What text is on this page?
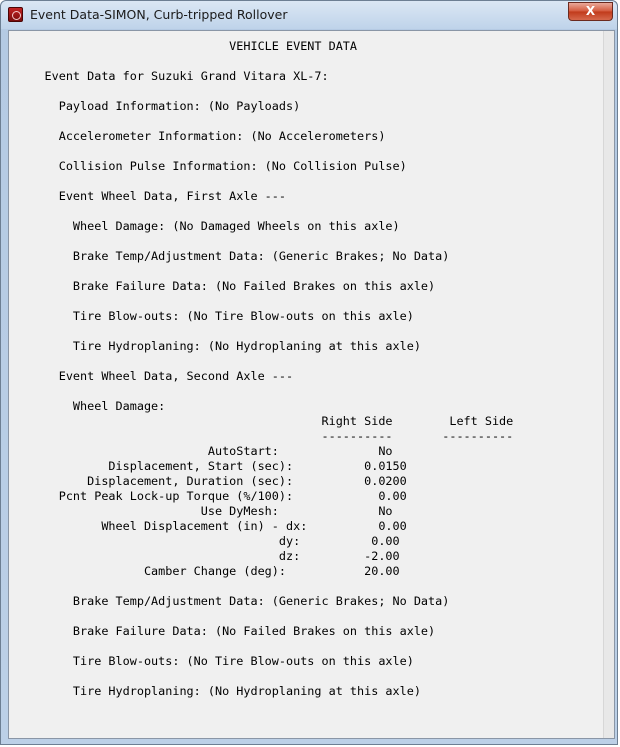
Event Data-SIMON, Curb-tripped Rollover	X
VEHICLE EVENT DATA

Event Data for Suzuki Grand Vitara XL-7:

Payload Information: (No Payloads)

Accelerometer Information: (No Accelerometers)

Collision Pulse Information: (No Collision Pulse)

Event Wheel Data, First Axle ---

Wheel Damage: (No Damaged Wheels on this axle)

Brake Temp/Adjustment Data: (Generic Brakes; No Data)

Brake Failure Data: (No Failed Brakes on this axle)

Tire Blow-outs: (No Tire Blow-outs on this axle)

Tire Hydroplaning: (No Hydroplaning at this axle)

Event Wheel Data, Second Axle ---

Wheel Damage:
Right Side        Left Side
----------       ----------
AutoStart:              No
Displacement, Start (sec):          0.0150
Displacement, Duration (sec):          0.0200
Pcnt Peak Lock-up Torque (%/100):            0.00
Use DyMesh:              No
Wheel Displacement (in) - dx:          0.00
dy:          0.00
dz:         -2.00
Camber Change (deg):           20.00

Brake Temp/Adjustment Data: (Generic Brakes; No Data)

Brake Failure Data: (No Failed Brakes on this axle)

Tire Blow-outs: (No Tire Blow-outs on this axle)

Tire Hydroplaning: (No Hydroplaning at this axle)
